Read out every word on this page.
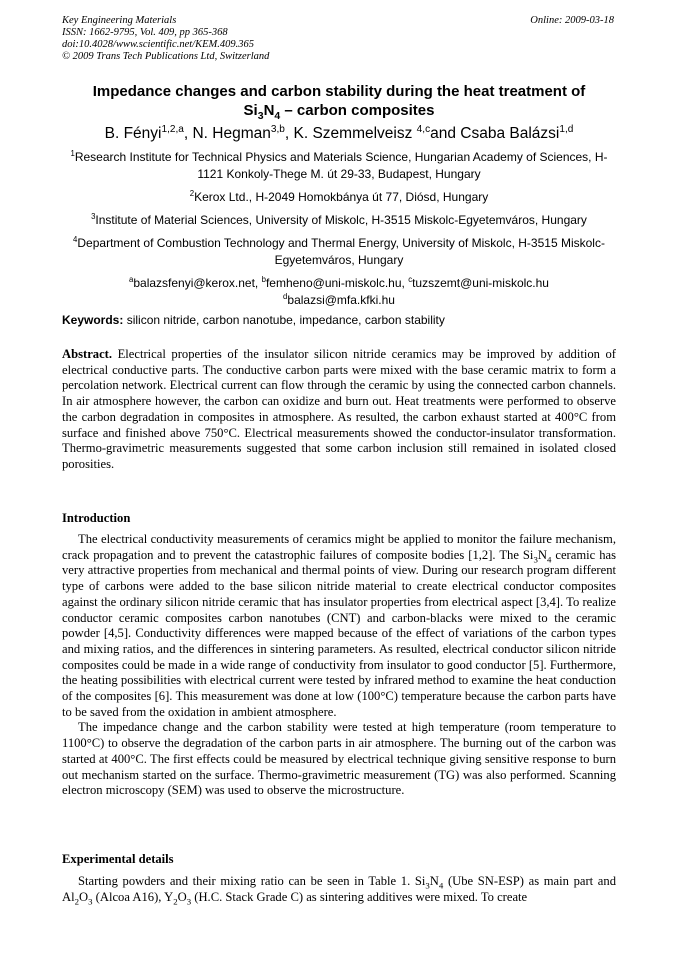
Key Engineering Materials
ISSN: 1662-9795, Vol. 409, pp 365-368
doi:10.4028/www.scientific.net/KEM.409.365
© 2009 Trans Tech Publications Ltd, Switzerland
Online: 2009-03-18
Impedance changes and carbon stability during the heat treatment of
$Si_3N_4$ – carbon composites
B. Fényi$^{1,2,a}$, N. Hegman$^{3,b}$, K. Szemmelveisz $^{4,c}$and Csaba Balázsi$^{1,d}$

$^1$Research Institute for Technical Physics and Materials Science, Hungarian Academy of Sciences, H-1121 Konkoly-Thege M. út 29-33, Budapest, Hungary

$^2$Kerox Ltd., H-2049 Homokbánya út 77, Diósd, Hungary

$^3$Institute of Material Sciences, University of Miskolc, H-3515 Miskolc-Egyetemváros, Hungary

$^4$Department of Combustion Technology and Thermal Energy, University of Miskolc, H-3515 Miskolc-Egyetemváros, Hungary

$^a$balazsfenyi@kerox.net, $^b$femheno@uni-miskolc.hu, $^c$tuzszemt@uni-miskolc.hu
$^d$balazsi@mfa.kfki.hu

Keywords: silicon nitride, carbon nanotube, impedance, carbon stability

Abstract. Electrical properties of the insulator silicon nitride ceramics may be improved by addition of electrical conductive parts. The conductive carbon parts were mixed with the base ceramic matrix to form a percolation network. Electrical current can flow through the ceramic by using the connected carbon channels. In air atmosphere however, the carbon can oxidize and burn out. Heat treatments were performed to observe the carbon degradation in composites in atmosphere. As resulted, the carbon exhaust started at 400°C from surface and finished above 750°C. Electrical measurements showed the conductor-insulator transformation. Thermo-gravimetric measurements suggested that some carbon inclusion still remained in isolated closed porosities.

Introduction

The electrical conductivity measurements of ceramics might be applied to monitor the failure mechanism, crack propagation and to prevent the catastrophic failures of composite bodies [1,2]. The $Si_3N_4$ ceramic has very attractive properties from mechanical and thermal points of view. During our research program different type of carbons were added to the base silicon nitride material to create electrical conductor composites against the ordinary silicon nitride ceramic that has insulator properties from electrical aspect [3,4]. To realize conductor ceramic composites carbon nanotubes (CNT) and carbon-blacks were mixed to the ceramic powder [4,5]. Conductivity differences were mapped because of the effect of variations of the carbon types and mixing ratios, and the differences in sintering parameters. As resulted, electrical conductor silicon nitride composites could be made in a wide range of conductivity from insulator to good conductor [5]. Furthermore, the heating possibilities with electrical current were tested by infrared method to examine the heat conduction of the composites [6]. This measurement was done at low (100°C) temperature because the carbon parts have to be saved from the oxidation in ambient atmosphere.

The impedance change and the carbon stability were tested at high temperature (room temperature to 1100°C) to observe the degradation of the carbon parts in air atmosphere. The burning out of the carbon was started at 400°C. The first effects could be measured by electrical technique giving sensitive response to burn out mechanism started on the surface. Thermo-gravimetric measurement (TG) was also performed. Scanning electron microscopy (SEM) was used to observe the microstructure.

Experimental details

Starting powders and their mixing ratio can be seen in Table 1. $Si_3N_4$ (Ube SN-ESP) as main part and $Al_2O_3$ (Alcoa A16), $Y_2O_3$ (H.C. Stack Grade C) as sintering additives were mixed. To create
